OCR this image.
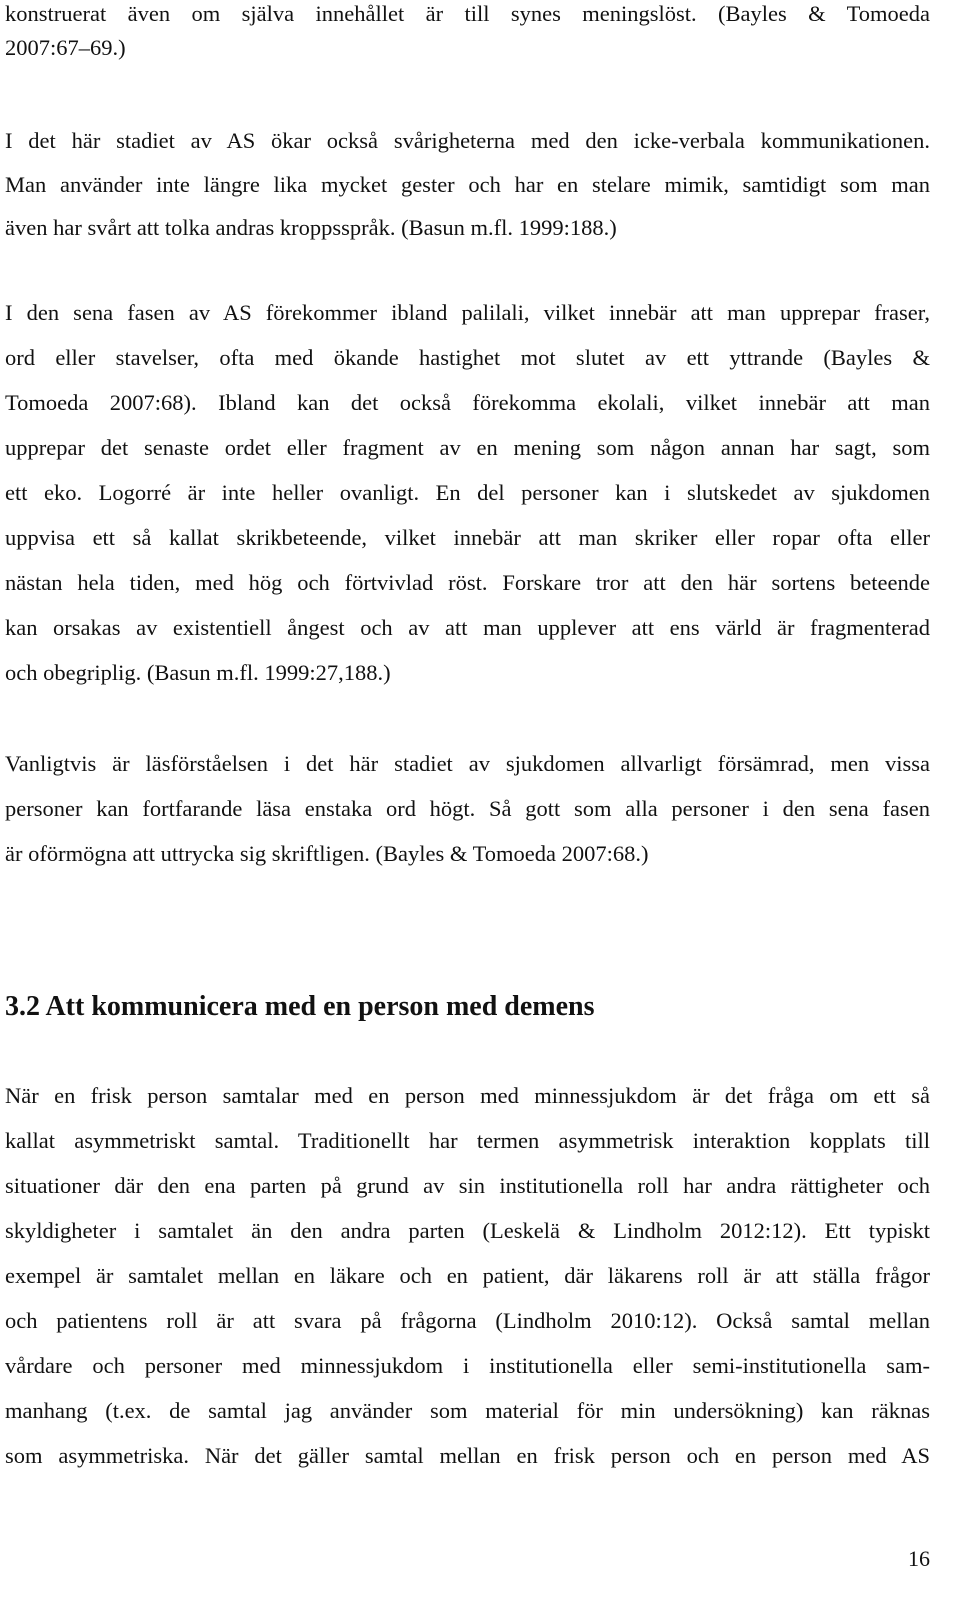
konstruerat även om själva innehållet är till synes meningslöst. (Bayles & Tomoeda
2007:67–69.)
I det här stadiet av AS ökar också svårigheterna med den icke-verbala kommunikationen.
Man använder inte längre lika mycket gester och har en stelare mimik, samtidigt som man
även har svårt att tolka andras kroppsspråk. (Basun m.fl. 1999:188.)
I den sena fasen av AS förekommer ibland palilali, vilket innebär att man upprepar fraser,
ord eller stavelser, ofta med ökande hastighet mot slutet av ett yttrande (Bayles &
Tomoeda 2007:68). Ibland kan det också förekomma ekolali, vilket innebär att man
upprepar det senaste ordet eller fragment av en mening som någon annan har sagt, som
ett eko. Logorré är inte heller ovanligt. En del personer kan i slutskedet av sjukdomen
uppvisa ett så kallat skrikbeteende, vilket innebär att man skriker eller ropar ofta eller
nästan hela tiden, med hög och förtvivlad röst. Forskare tror att den här sortens beteende
kan orsakas av existentiell ångest och av att man upplever att ens värld är fragmenterad
och obegriplig. (Basun m.fl. 1999:27,188.)
Vanligtvis är läsförståelsen i det här stadiet av sjukdomen allvarligt försämrad, men vissa
personer kan fortfarande läsa enstaka ord högt. Så gott som alla personer i den sena fasen
är oförmögna att uttrycka sig skriftligen. (Bayles & Tomoeda 2007:68.)
3.2 Att kommunicera med en person med demens
När en frisk person samtalar med en person med minnessjukdom är det fråga om ett så
kallat asymmetriskt samtal. Traditionellt har termen asymmetrisk interaktion kopplats till
situationer där den ena parten på grund av sin institutionella roll har andra rättigheter och
skyldigheter i samtalet än den andra parten (Leskelä & Lindholm 2012:12). Ett typiskt
exempel är samtalet mellan en läkare och en patient, där läkarens roll är att ställa frågor
och patientens roll är att svara på frågorna (Lindholm 2010:12). Också samtal mellan
vårdare och personer med minnessjukdom i institutionella eller semi-institutionella sam-
manhang (t.ex. de samtal jag använder som material för min undersökning) kan räknas
som asymmetriska. När det gäller samtal mellan en frisk person och en person med AS
16
